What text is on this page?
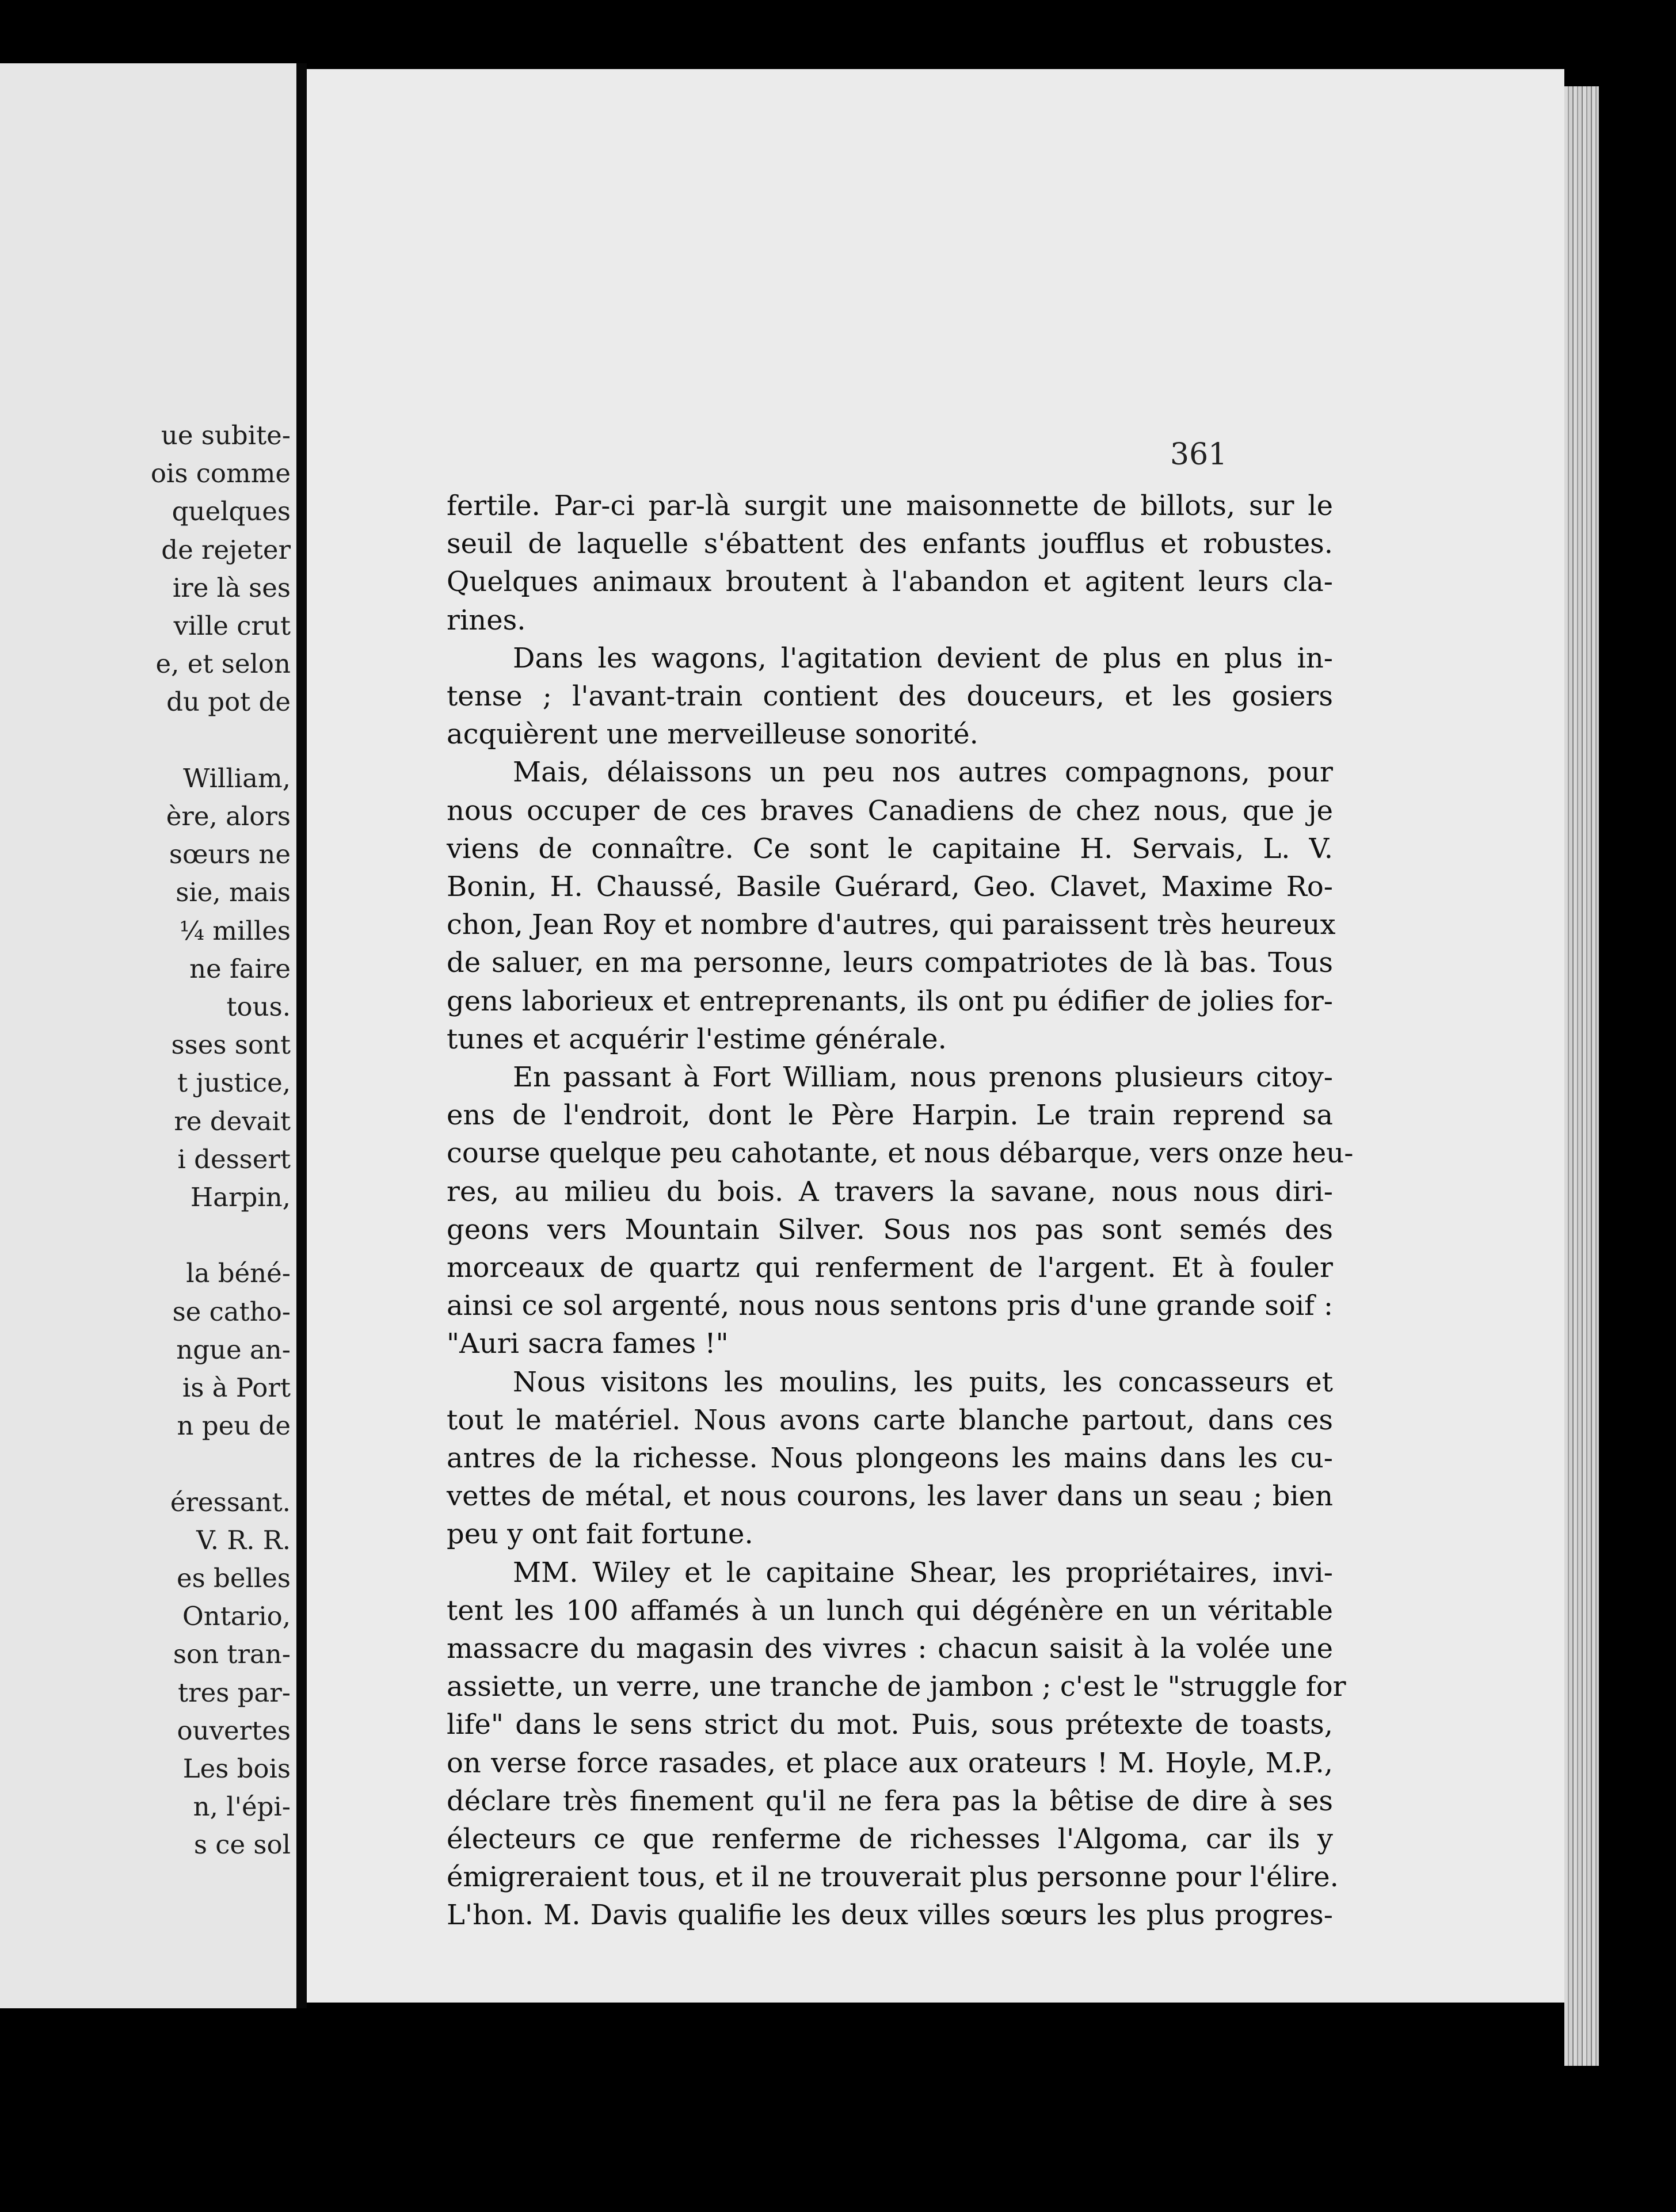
ue subite-
ois comme
quelques
de rejeter
ire là ses
ville crut
e, et selon
du pot de
William,
ère, alors
sœurs ne
sie, mais
¼ milles
ne faire
tous.
sses sont
t justice,
re devait
i dessert
Harpin,
la béné-
se catho-
ngue an-
is à Port
n peu de
éressant.
V. R. R.
es belles
Ontario,
son tran-
tres par-
ouvertes
Les bois
n, l'épi-
s ce sol
361
fertile. Par-ci par-là surgit une maisonnette de billots, sur le
seuil de laquelle s'ébattent des enfants joufflus et robustes.
Quelques animaux broutent à l'abandon et agitent leurs cla-
rines.
Dans les wagons, l'agitation devient de plus en plus in-
tense ; l'avant-train contient des douceurs, et les gosiers
acquièrent une merveilleuse sonorité.
Mais, délaissons un peu nos autres compagnons, pour
nous occuper de ces braves Canadiens de chez nous, que je
viens de connaître. Ce sont le capitaine H. Servais, L. V.
Bonin, H. Chaussé, Basile Guérard, Geo. Clavet, Maxime Ro-
chon, Jean Roy et nombre d'autres, qui paraissent très heureux
de saluer, en ma personne, leurs compatriotes de là bas. Tous
gens laborieux et entreprenants, ils ont pu édifier de jolies for-
tunes et acquérir l'estime générale.
En passant à Fort William, nous prenons plusieurs citoy-
ens de l'endroit, dont le Père Harpin. Le train reprend sa
course quelque peu cahotante, et nous débarque, vers onze heu-
res, au milieu du bois. A travers la savane, nous nous diri-
geons vers Mountain Silver. Sous nos pas sont semés des
morceaux de quartz qui renferment de l'argent. Et à fouler
ainsi ce sol argenté, nous nous sentons pris d'une grande soif :
"Auri sacra fames !"
Nous visitons les moulins, les puits, les concasseurs et
tout le matériel. Nous avons carte blanche partout, dans ces
antres de la richesse. Nous plongeons les mains dans les cu-
vettes de métal, et nous courons, les laver dans un seau ; bien
peu y ont fait fortune.
MM. Wiley et le capitaine Shear, les propriétaires, invi-
tent les 100 affamés à un lunch qui dégénère en un véritable
massacre du magasin des vivres : chacun saisit à la volée une
assiette, un verre, une tranche de jambon ; c'est le "struggle for
life" dans le sens strict du mot. Puis, sous prétexte de toasts,
on verse force rasades, et place aux orateurs ! M. Hoyle, M.P.,
déclare très finement qu'il ne fera pas la bêtise de dire à ses
électeurs ce que renferme de richesses l'Algoma, car ils y
émigreraient tous, et il ne trouverait plus personne pour l'élire.
L'hon. M. Davis qualifie les deux villes sœurs les plus progres-
